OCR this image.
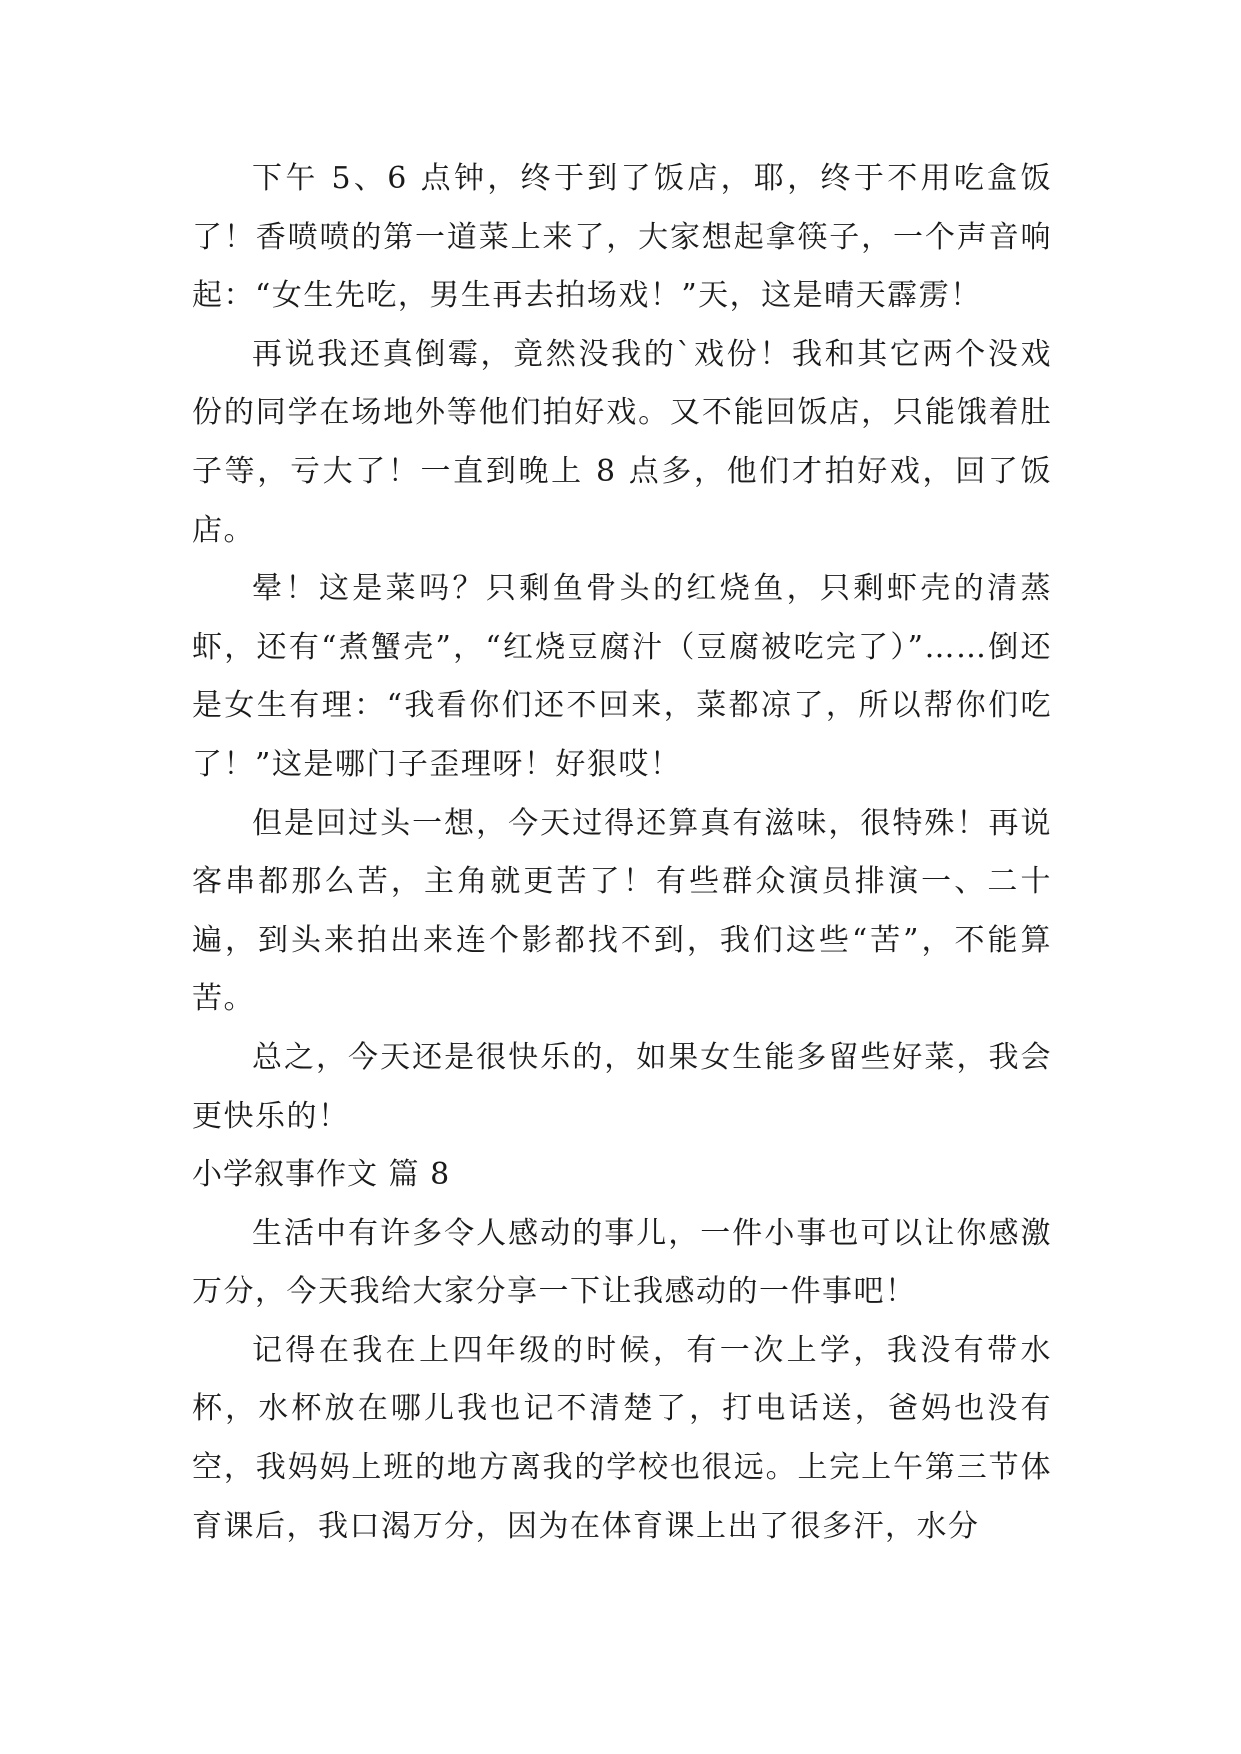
下午 5、6 点钟，终于到了饭店，耶，终于不用吃盒饭了！香喷喷的第一道菜上来了，大家想起拿筷子，一个声音响起：“女生先吃，男生再去拍场戏！”天，这是晴天霹雳！

再说我还真倒霉，竟然没我的`戏份！我和其它两个没戏份的同学在场地外等他们拍好戏。又不能回饭店，只能饿着肚子等，亏大了！一直到晚上 8 点多，他们才拍好戏，回了饭店。

晕！这是菜吗？只剩鱼骨头的红烧鱼，只剩虾壳的清蒸虾，还有“煮蟹壳”，“红烧豆腐汁（豆腐被吃完了）”……倒还是女生有理：“我看你们还不回来，菜都凉了，所以帮你们吃了！”这是哪门子歪理呀！好狠哎！

但是回过头一想，今天过得还算真有滋味，很特殊！再说客串都那么苦，主角就更苦了！有些群众演员排演一、二十遍，到头来拍出来连个影都找不到，我们这些“苦”，不能算苦。

总之，今天还是很快乐的，如果女生能多留些好菜，我会更快乐的！

小学叙事作文 篇 8

生活中有许多令人感动的事儿，一件小事也可以让你感激万分，今天我给大家分享一下让我感动的一件事吧！

记得在我在上四年级的时候，有一次上学，我没有带水杯，水杯放在哪儿我也记不清楚了，打电话送，爸妈也没有空，我妈妈上班的地方离我的学校也很远。上完上午第三节体育课后，我口渴万分，因为在体育课上出了很多汗，水分
